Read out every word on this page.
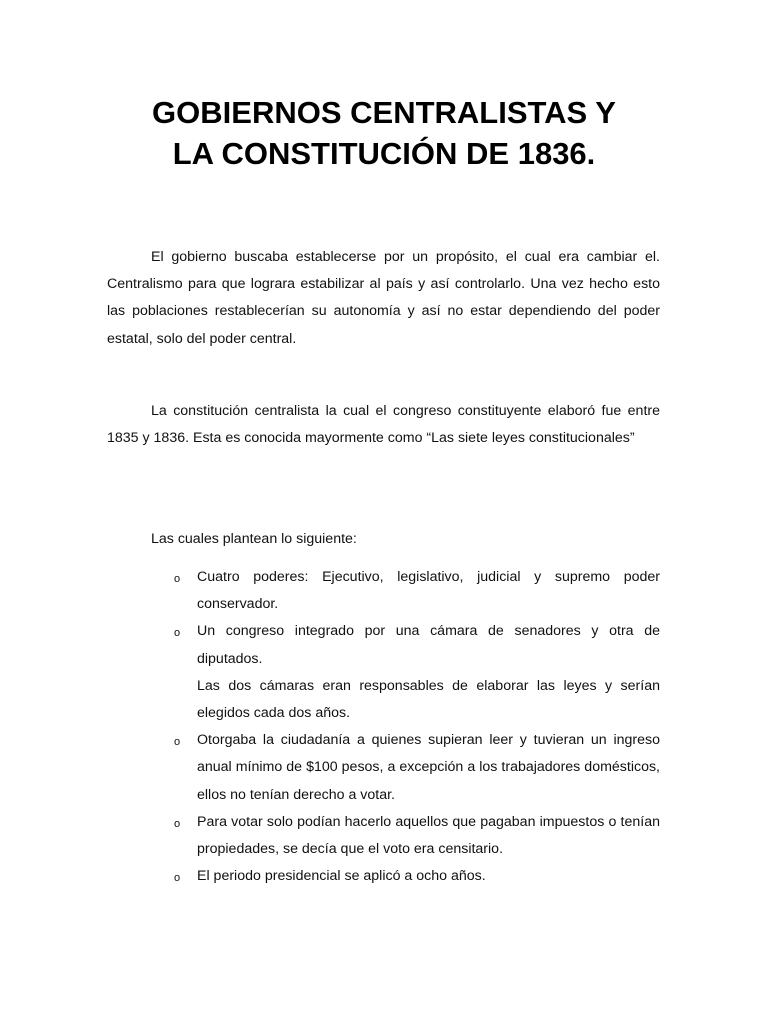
GOBIERNOS CENTRALISTAS Y
LA CONSTITUCIÓN DE 1836.

El gobierno buscaba establecerse por un propósito, el cual era cambiar el. Centralismo para que lograra estabilizar al país y así controlarlo. Una vez hecho esto las poblaciones restablecerían su autonomía y así no estar dependiendo del poder estatal, solo del poder central.

La constitución centralista la cual el congreso constituyente elaboró fue entre 1835 y 1836. Esta es conocida mayormente como “Las siete leyes constitucionales”

Las cuales plantean lo siguiente:

o Cuatro poderes: Ejecutivo, legislativo, judicial y supremo poder conservador.
o Un congreso integrado por una cámara de senadores y otra de diputados.
Las dos cámaras eran responsables de elaborar las leyes y serían elegidos cada dos años.
o Otorgaba la ciudadanía a quienes supieran leer y tuvieran un ingreso anual mínimo de $100 pesos, a excepción a los trabajadores domésticos, ellos no tenían derecho a votar.
o Para votar solo podían hacerlo aquellos que pagaban impuestos o tenían propiedades, se decía que el voto era censitario.
o El periodo presidencial se aplicó a ocho años.
